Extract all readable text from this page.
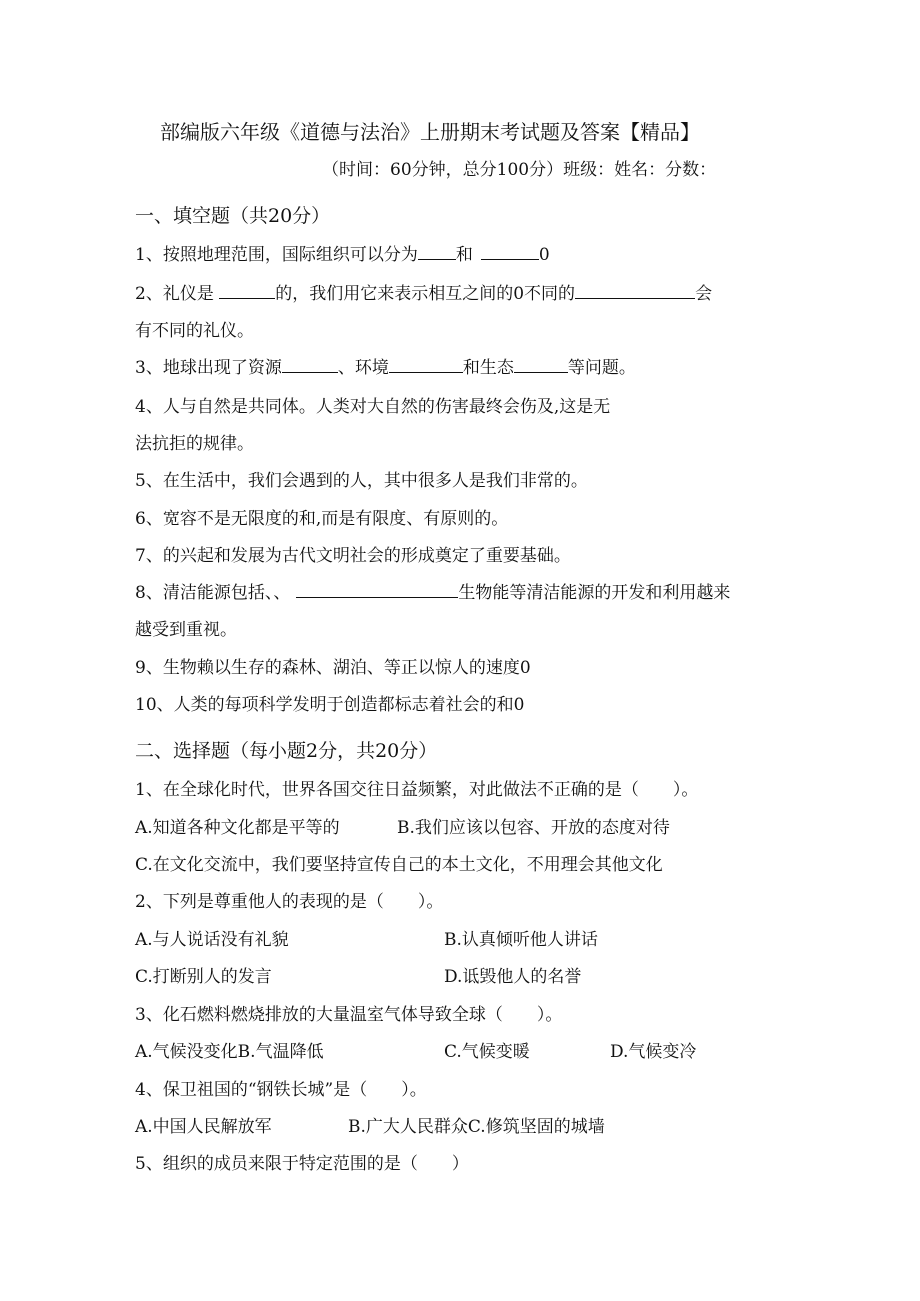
部编版六年级《道德与法治》上册期末考试题及答案【精品】
（时间：60分钟，总分100分）班级：姓名：分数：
一、填空题（共20分）
1、按照地理范围，国际组织可以分为 和	0
2、礼仪是	的，我们用它来表示相互之间的0不同的	会
有不同的礼仪。
3、地球出现了资源	、环境	和生态	等问题。
4、人与自然是共同体。人类对大自然的伤害最终会伤及,这是无
法抗拒的规律。
5、在生活中，我们会遇到的人，其中很多人是我们非常的。
6、宽容不是无限度的和,而是有限度、有原则的。
7、的兴起和发展为古代文明社会的形成奠定了重要基础。
8、清洁能源包括、、	生物能等清洁能源的开发和利用越来
越受到重视。
9、生物赖以生存的森林、湖泊、等正以惊人的速度0
10、人类的每项科学发明于创造都标志着社会的和0
二、选择题（每小题2分，共20分）
1、在全球化时代，世界各国交往日益频繁，对此做法不正确的是（　　）。
A.知道各种文化都是平等的	B.我们应该以包容、开放的态度对待
C.在文化交流中，我们要坚持宣传自己的本土文化，不用理会其他文化
2、下列是尊重他人的表现的是（　　）。
A.与人说话没有礼貌	B.认真倾听他人讲话
C.打断别人的发言	D.诋毁他人的名誉
3、化石燃料燃烧排放的大量温室气体导致全球（　　）。
A.气候没变化B.气温降低	C.气候变暖	D.气候变冷
4、保卫祖国的“钢铁长城”是（　　）。
A.中国人民解放军	B.广大人民群众C.修筑坚固的城墙
5、组织的成员来限于特定范围的是（　　）
